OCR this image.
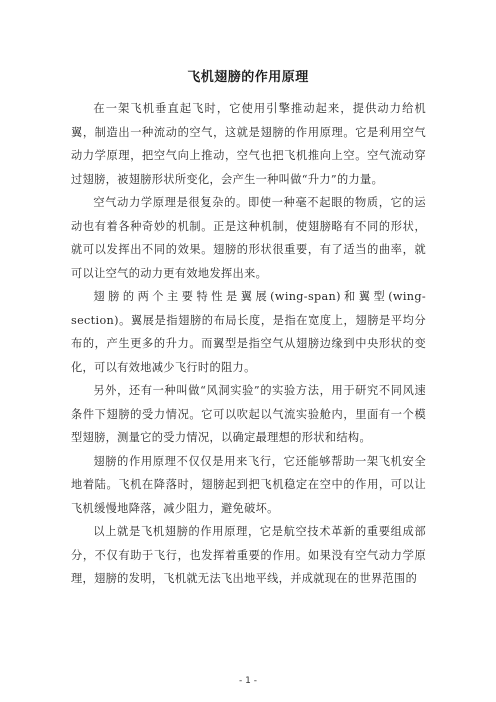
飞机翅膀的作用原理

在一架飞机垂直起飞时，它使用引擎推动起来，提供动力给机翼，制造出一种流动的空气，这就是翅膀的作用原理。它是利用空气动力学原理，把空气向上推动，空气也把飞机推向上空。空气流动穿过翅膀，被翅膀形状所变化，会产生一种叫做“升力”的力量。

空气动力学原理是很复杂的。即使一种毫不起眼的物质，它的运动也有着各种奇妙的机制。正是这种机制，使翅膀略有不同的形状，就可以发挥出不同的效果。翅膀的形状很重要，有了适当的曲率，就可以让空气的动力更有效地发挥出来。

翅膀的两个主要特性是翼展(wing-span)和翼型(wing-section)。翼展是指翅膀的布局长度，是指在宽度上，翅膀是平均分布的，产生更多的升力。而翼型是指空气从翅膀边缘到中央形状的变化，可以有效地减少飞行时的阻力。

另外，还有一种叫做“风洞实验”的实验方法，用于研究不同风速条件下翅膀的受力情况。它可以吹起以气流实验舱内，里面有一个模型翅膀，测量它的受力情况，以确定最理想的形状和结构。

翅膀的作用原理不仅仅是用来飞行，它还能够帮助一架飞机安全地着陆。飞机在降落时，翅膀起到把飞机稳定在空中的作用，可以让飞机缓慢地降落，减少阻力，避免破坏。

以上就是飞机翅膀的作用原理，它是航空技术革新的重要组成部分，不仅有助于飞行，也发挥着重要的作用。如果没有空气动力学原理，翅膀的发明，飞机就无法飞出地平线，并成就现在的世界范围的

- 1 -
